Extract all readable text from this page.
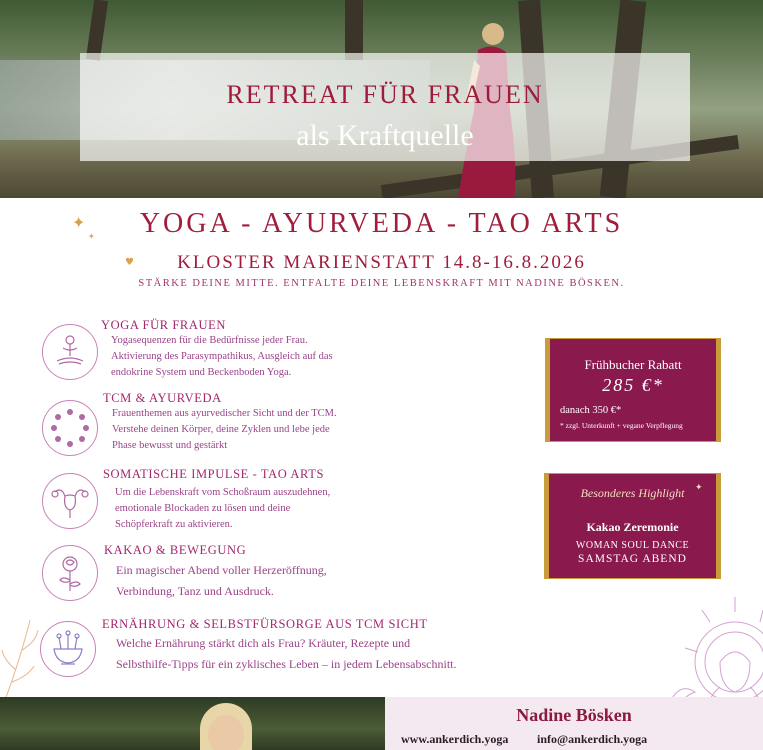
RETREAT FÜR FRAUEN
als Kraftquelle
✦
✦	YOGA - AYURVEDA - TAO ARTS
♥	KLOSTER MARIENSTATT 14.8-16.8.2026
STÄRKE DEINE MITTE. ENTFALTE DEINE LEBENSKRAFT MIT NADINE BÖSKEN.
YOGA FÜR FRAUEN
Yogasequenzen für die Bedürfnisse jeder Frau.
Aktivierung des Parasympathikus, Ausgleich auf das
endokrine System und Beckenboden Yoga.
TCM & AYURVEDA
Frauenthemen aus ayurvedischer Sicht und der TCM.
Verstehe deinen Körper, deine Zyklen und lebe jede
Phase bewusst und gestärkt
SOMATISCHE IMPULSE - TAO ARTS
Um die Lebenskraft vom Schoßraum auszudehnen,
emotionale Blockaden zu lösen und deine
Schöpferkraft zu aktivieren.
KAKAO & BEWEGUNG
Ein magischer Abend voller Herzeröffnung,
Verbindung, Tanz und Ausdruck.
ERNÄHRUNG & SELBSTFÜRSORGE AUS TCM SICHT
Welche Ernährung stärkt dich als Frau? Kräuter, Rezepte und
Selbsthilfe-Tipps für ein zyklisches Leben – in jedem Lebensabschnitt.
Frühbucher Rabatt
285 €*
danach 350 €*
* zzgl. Unterkunft + vegane Verpflegung
Besonderes Highlight	✦
Kakao Zeremonie
WOMAN SOUL DANCE
SAMSTAG ABEND
Nadine Bösken
www.ankerdich.yoga info@ankerdich.yoga
